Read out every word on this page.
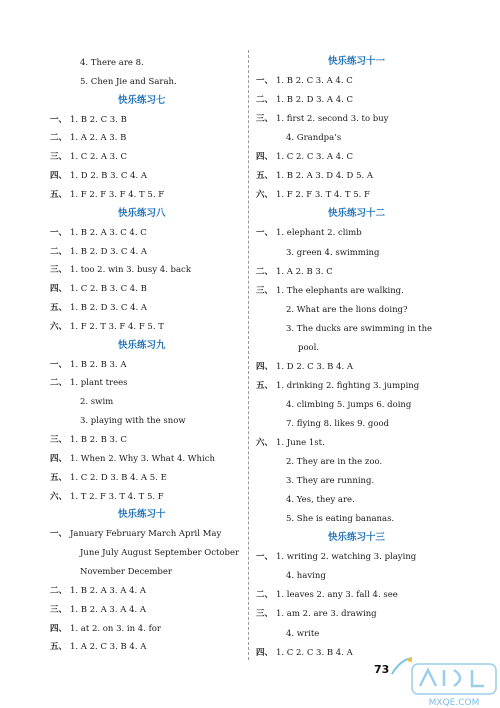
4. There are 8.
5. Chen Jie and Sarah.
快乐练习七
一、 1. B 2. C 3. B
二、 1. A 2. A 3. B
三、 1. C 2. A 3. C
四、 1. D 2. B 3. C 4. A
五、 1. F 2. F 3. F 4. T 5. F
快乐练习八
一、 1. B 2. A 3. C 4. C
二、 1. B 2. D 3. C 4. A
三、 1. too 2. win 3. busy 4. back
四、 1. C 2. B 3. C 4. B
五、 1. B 2. D 3. C 4. A
六、 1. F 2. T 3. F 4. F 5. T
快乐练习九
一、 1. B 2. B 3. A
二、 1. plant trees
2. swim
3. playing with the snow
三、 1. B 2. B 3. C
四、 1. When 2. Why 3. What 4. Which
五、 1. C 2. D 3. B 4. A 5. E
六、 1. T 2. F 3. T 4. T 5. F
快乐练习十
一、 January February March April May
June July August September October
November December
二、 1. B 2. A 3. A 4. A
三、 1. B 2. A 3. A 4. A
四、 1. at 2. on 3. in 4. for
五、 1. A 2. C 3. B 4. A
快乐练习十一
一、 1. B 2. C 3. A 4. C
二、 1. B 2. D 3. A 4. C
三、 1. first 2. second 3. to buy
4. Grandpa’s
四、 1. C 2. C 3. A 4. C
五、 1. B 2. A 3. D 4. D 5. A
六、 1. F 2. F 3. T 4. T 5. F
快乐练习十二
一、 1. elephant 2. climb
3. green 4. swimming
二、 1. A 2. B 3. C
三、 1. The elephants are walking.
2. What are the lions doing?
3. The ducks are swimming in the
pool.
四、 1. D 2. C 3. B 4. A
五、 1. drinking 2. fighting 3. jumping
4. climbing 5. jumps 6. doing
7. flying 8. likes 9. good
六、 1. June 1st.
2. They are in the zoo.
3. They are running.
4. Yes, they are.
5. She is eating bananas.
快乐练习十三
一、 1. writing 2. watching 3. playing
4. having
二、 1. leaves 2. any 3. fall 4. see
三、 1. am 2. are 3. drawing
4. write
四、 1. C 2. C 3. B 4. A
73
MXQE.COM
